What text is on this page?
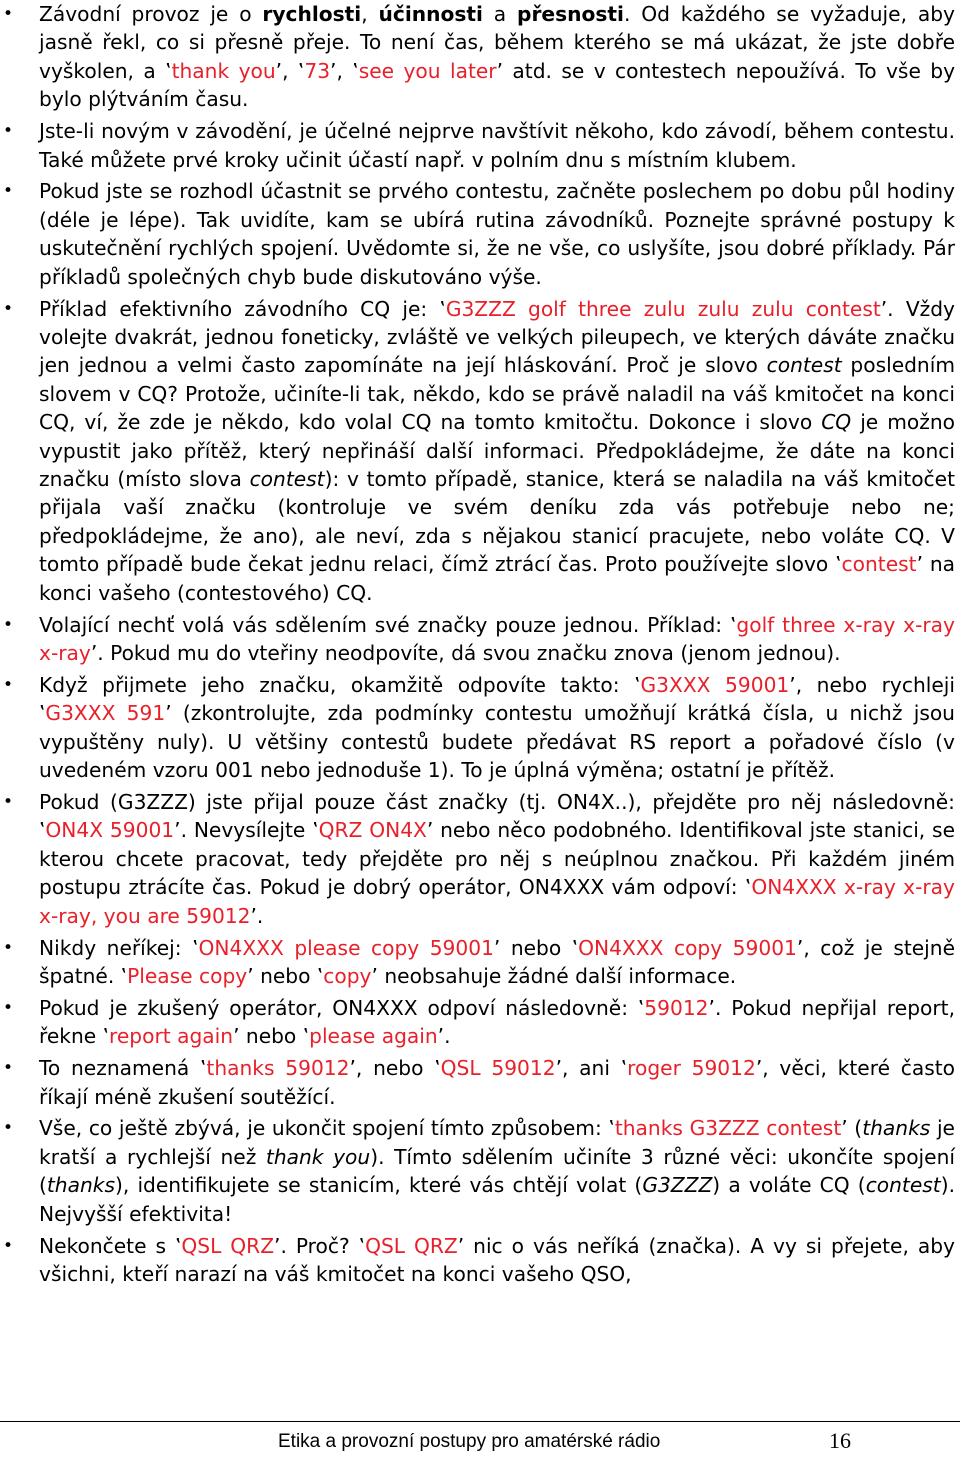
• Závodní provoz je o rychlosti, účinnosti a přesnosti. Od každého se vyžaduje, aby jasně řekl, co si přesně přeje. To není čas, během kterého se má ukázat, že jste dobře vyškolen, a ‛thank you’, ‛73’, ‛see you later’ atd. se v contestech nepoužívá. To vše by bylo plýtváním času.
• Jste-li novým v závodění, je účelné nejprve navštívit někoho, kdo závodí, během contestu. Také můžete prvé kroky učinit účastí např. v polním dnu s místním klubem.
• Pokud jste se rozhodl účastnit se prvého contestu, začněte poslechem po dobu půl hodiny (déle je lépe). Tak uvidíte, kam se ubírá rutina závodníků. Poznejte správné postupy k uskutečnění rychlých spojení. Uvědomte si, že ne vše, co uslyšíte, jsou dobré příklady. Pár příkladů společných chyb bude diskutováno výše.
• Příklad efektivního závodního CQ je: ‛G3ZZZ golf three zulu zulu zulu contest’. Vždy volejte dvakrát, jednou foneticky, zvláště ve velkých pileupech, ve kterých dáváte značku jen jednou a velmi často zapomínáte na její hláskování. Proč je slovo contest posledním slovem v CQ? Protože, učiníte-li tak, někdo, kdo se právě naladil na váš kmitočet na konci CQ, ví, že zde je někdo, kdo volal CQ na tomto kmitočtu. Dokonce i slovo CQ je možno vypustit jako přítěž, který nepřináší další informaci. Předpokládejme, že dáte na konci značku (místo slova contest): v tomto případě, stanice, která se naladila na váš kmitočet přijala vaší značku (kontroluje ve svém deníku zda vás potřebuje nebo ne; předpokládejme, že ano), ale neví, zda s nějakou stanicí pracujete, nebo voláte CQ. V tomto případě bude čekat jednu relaci, čímž ztrácí čas. Proto používejte slovo ‛contest’ na konci vašeho (contestového) CQ.
• Volající nechť volá vás sdělením své značky pouze jednou. Příklad: ‛golf three x-ray x-ray x-ray’. Pokud mu do vteřiny neodpovíte, dá svou značku znova (jenom jednou).
• Když přijmete jeho značku, okamžitě odpovíte takto: ‛G3XXX 59001’, nebo rychleji ‛G3XXX 591’ (zkontrolujte, zda podmínky contestu umožňují krátká čísla, u nichž jsou vypuštěny nuly). U většiny contestů budete předávat RS report a pořadové číslo (v uvedeném vzoru 001 nebo jednoduše 1). To je úplná výměna; ostatní je přítěž.
• Pokud (G3ZZZ) jste přijal pouze část značky (tj. ON4X..), přejděte pro něj následovně: ‛ON4X 59001’. Nevysílejte ‛QRZ ON4X’ nebo něco podobného. Identifikoval jste stanici, se kterou chcete pracovat, tedy přejděte pro něj s neúplnou značkou. Při každém jiném postupu ztrácíte čas. Pokud je dobrý operátor, ON4XXX vám odpoví: ‛ON4XXX x-ray x-ray x-ray, you are 59012’.
• Nikdy neříkej: ‛ON4XXX please copy 59001’ nebo ‛ON4XXX copy 59001’, což je stejně špatné. ‛Please copy’ nebo ‛copy’ neobsahuje žádné další informace.
• Pokud je zkušený operátor, ON4XXX odpoví následovně: ‛59012’. Pokud nepřijal report, řekne ‛report again’ nebo ‛please again’.
• To neznamená ‛thanks 59012’, nebo ‛QSL 59012’, ani ‛roger 59012’, věci, které často říkají méně zkušení soutěžící.
• Vše, co ještě zbývá, je ukončit spojení tímto způsobem: ‛thanks G3ZZZ contest’ (thanks je kratší a rychlejší než thank you). Tímto sdělením učiníte 3 různé věci: ukončíte spojení (thanks), identifikujete se stanicím, které vás chtějí volat (G3ZZZ) a voláte CQ (contest). Nejvyšší efektivita!
• Nekončete s ‛QSL QRZ’. Proč? ‛QSL QRZ’ nic o vás neříká (značka). A vy si přejete, aby všichni, kteří narazí na váš kmitočet na konci vašeho QSO,
Etika a provozní postupy pro amatérské rádio	16
